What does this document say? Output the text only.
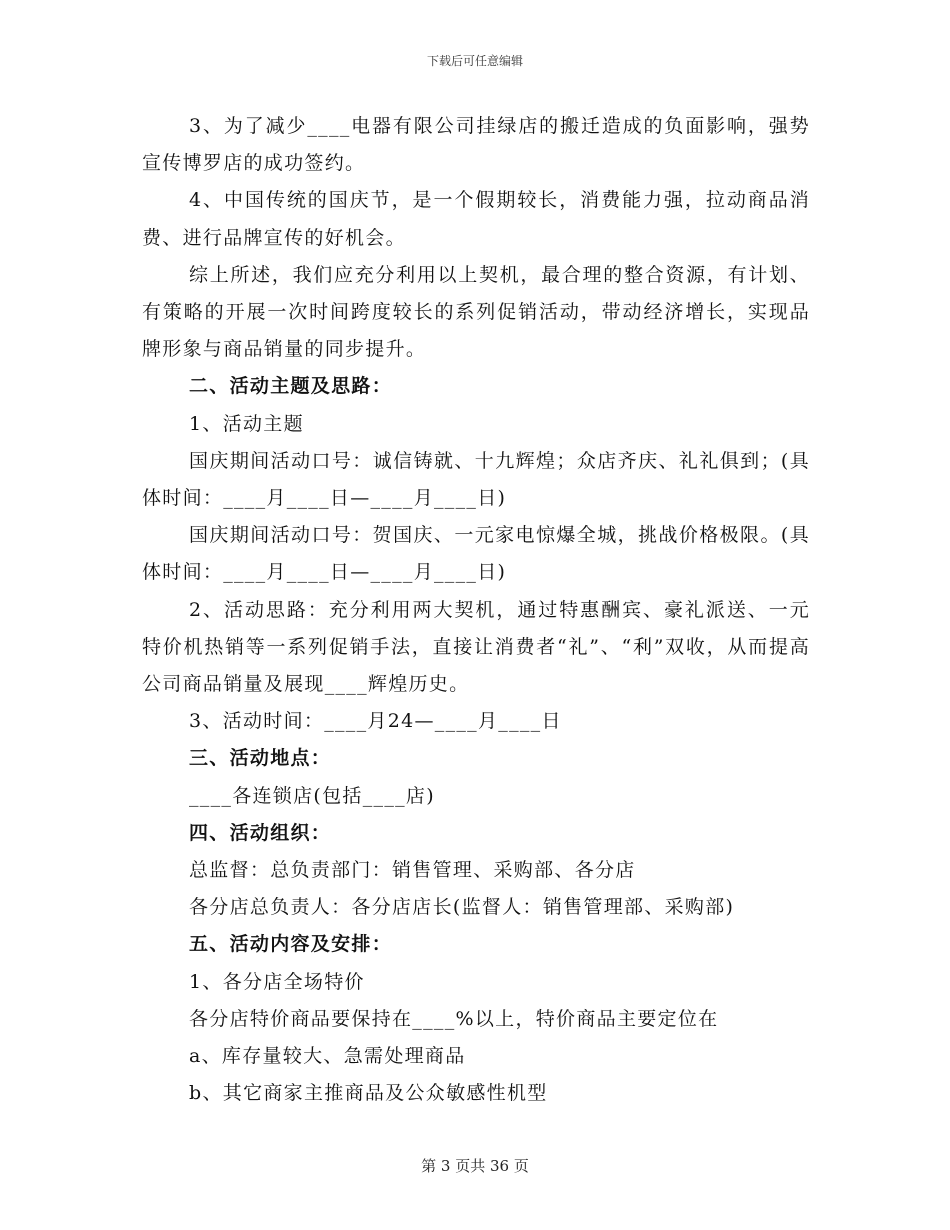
下载后可任意编辑

3、为了减少____电器有限公司挂绿店的搬迁造成的负面影响，强势宣传博罗店的成功签约。

4、中国传统的国庆节，是一个假期较长，消费能力强，拉动商品消费、进行品牌宣传的好机会。

综上所述，我们应充分利用以上契机，最合理的整合资源，有计划、有策略的开展一次时间跨度较长的系列促销活动，带动经济增长，实现品牌形象与商品销量的同步提升。

二、活动主题及思路：

1、活动主题

国庆期间活动口号：诚信铸就、十九辉煌；众店齐庆、礼礼俱到；(具体时间：____月____日—____月____日)

国庆期间活动口号：贺国庆、一元家电惊爆全城，挑战价格极限。(具体时间：____月____日—____月____日)

2、活动思路：充分利用两大契机，通过特惠酬宾、豪礼派送、一元特价机热销等一系列促销手法，直接让消费者“礼”、“利”双收，从而提高公司商品销量及展现____辉煌历史。

3、活动时间：____月24—____月____日

三、活动地点：

____各连锁店(包括____店)

四、活动组织：

总监督：总负责部门：销售管理、采购部、各分店

各分店总负责人：各分店店长(监督人：销售管理部、采购部)

五、活动内容及安排：

1、各分店全场特价

各分店特价商品要保持在____%以上，特价商品主要定位在

a、库存量较大、急需处理商品

b、其它商家主推商品及公众敏感性机型

第 3 页共 36 页
